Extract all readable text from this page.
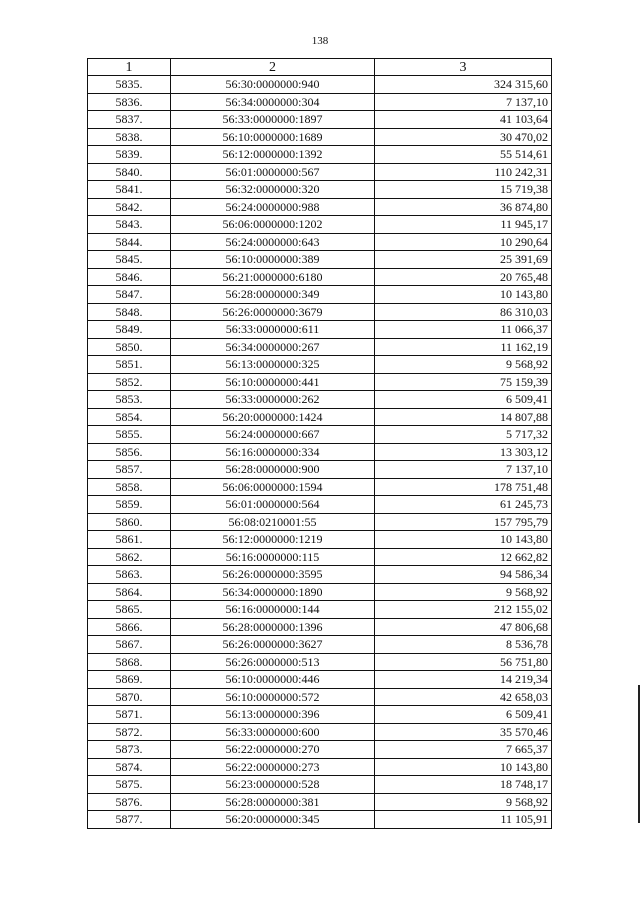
138
1	2	3
5835.	56:30:0000000:940	324 315,60
5836.	56:34:0000000:304	7 137,10
5837.	56:33:0000000:1897	41 103,64
5838.	56:10:0000000:1689	30 470,02
5839.	56:12:0000000:1392	55 514,61
5840.	56:01:0000000:567	110 242,31
5841.	56:32:0000000:320	15 719,38
5842.	56:24:0000000:988	36 874,80
5843.	56:06:0000000:1202	11 945,17
5844.	56:24:0000000:643	10 290,64
5845.	56:10:0000000:389	25 391,69
5846.	56:21:0000000:6180	20 765,48
5847.	56:28:0000000:349	10 143,80
5848.	56:26:0000000:3679	86 310,03
5849.	56:33:0000000:611	11 066,37
5850.	56:34:0000000:267	11 162,19
5851.	56:13:0000000:325	9 568,92
5852.	56:10:0000000:441	75 159,39
5853.	56:33:0000000:262	6 509,41
5854.	56:20:0000000:1424	14 807,88
5855.	56:24:0000000:667	5 717,32
5856.	56:16:0000000:334	13 303,12
5857.	56:28:0000000:900	7 137,10
5858.	56:06:0000000:1594	178 751,48
5859.	56:01:0000000:564	61 245,73
5860.	56:08:0210001:55	157 795,79
5861.	56:12:0000000:1219	10 143,80
5862.	56:16:0000000:115	12 662,82
5863.	56:26:0000000:3595	94 586,34
5864.	56:34:0000000:1890	9 568,92
5865.	56:16:0000000:144	212 155,02
5866.	56:28:0000000:1396	47 806,68
5867.	56:26:0000000:3627	8 536,78
5868.	56:26:0000000:513	56 751,80
5869.	56:10:0000000:446	14 219,34
5870.	56:10:0000000:572	42 658,03
5871.	56:13:0000000:396	6 509,41
5872.	56:33:0000000:600	35 570,46
5873.	56:22:0000000:270	7 665,37
5874.	56:22:0000000:273	10 143,80
5875.	56:23:0000000:528	18 748,17
5876.	56:28:0000000:381	9 568,92
5877.	56:20:0000000:345	11 105,91
